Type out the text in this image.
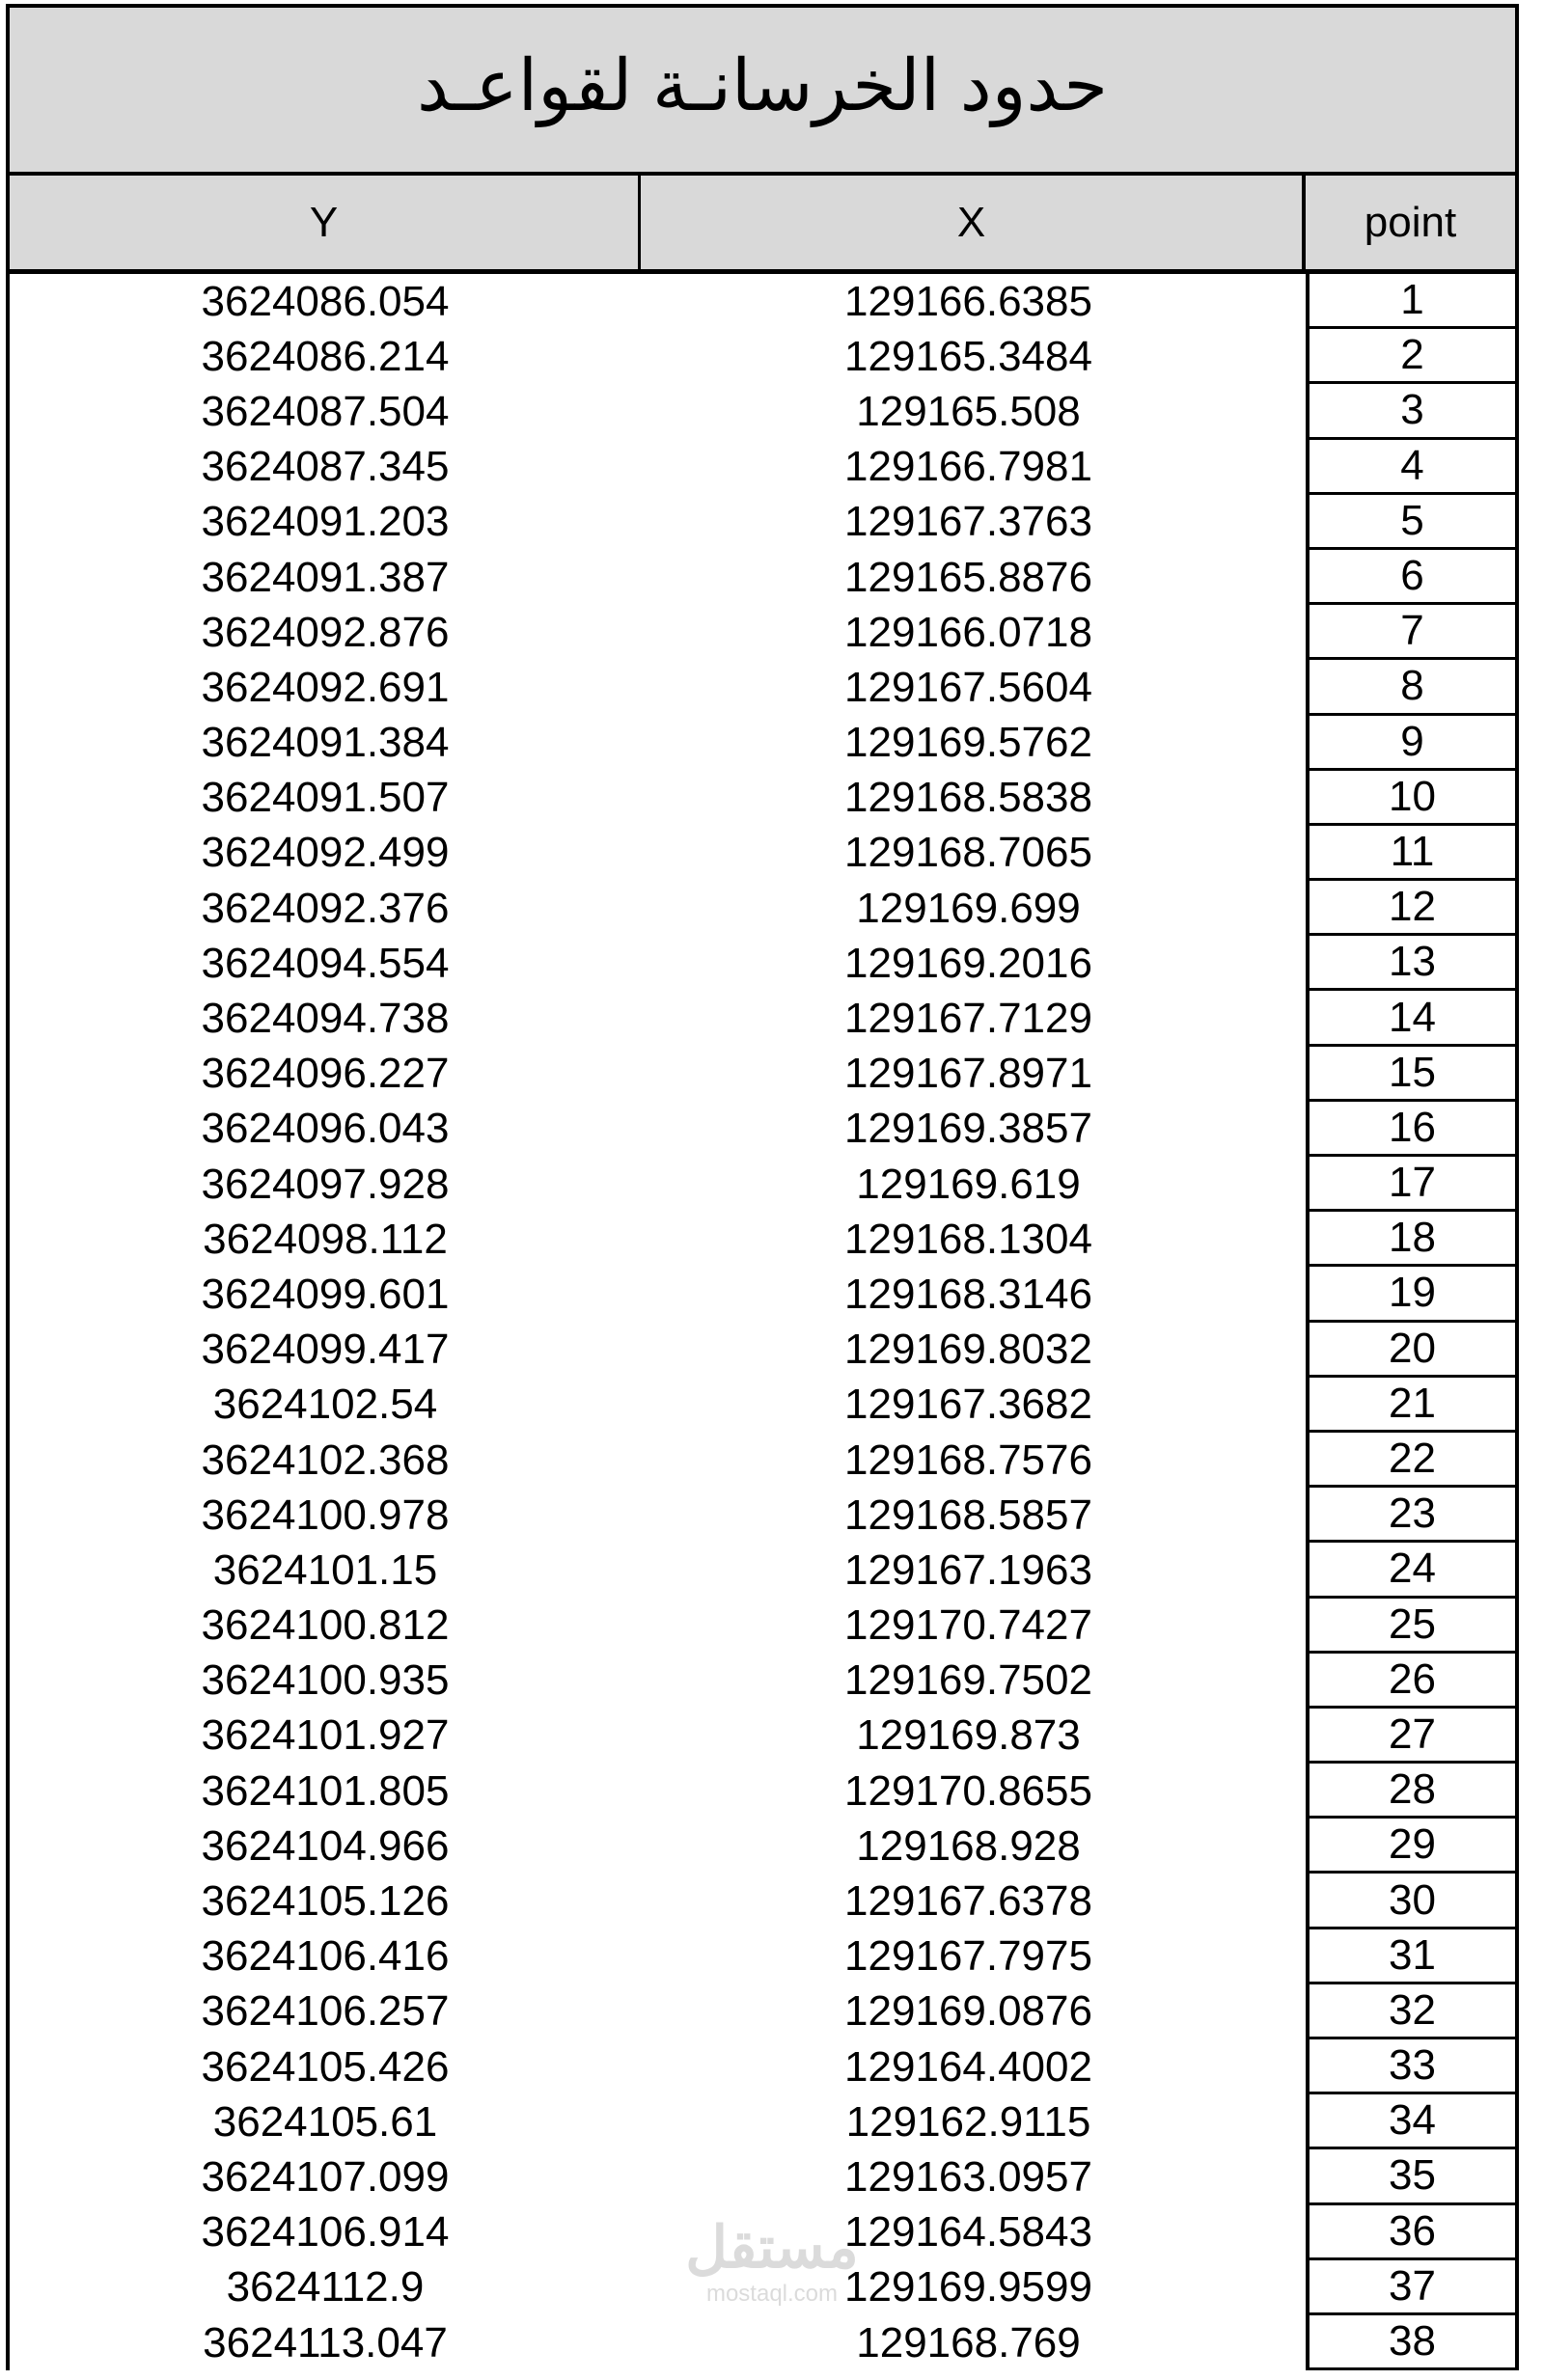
حدود الخرسانـة لقواعـد
Y	X	point
3624086.054	129166.6385	1
3624086.214	129165.3484	2
3624087.504	129165.508	3
3624087.345	129166.7981	4
3624091.203	129167.3763	5
3624091.387	129165.8876	6
3624092.876	129166.0718	7
3624092.691	129167.5604	8
3624091.384	129169.5762	9
3624091.507	129168.5838	10
3624092.499	129168.7065	11
3624092.376	129169.699	12
3624094.554	129169.2016	13
3624094.738	129167.7129	14
3624096.227	129167.8971	15
3624096.043	129169.3857	16
3624097.928	129169.619	17
3624098.112	129168.1304	18
3624099.601	129168.3146	19
3624099.417	129169.8032	20
3624102.54	129167.3682	21
3624102.368	129168.7576	22
3624100.978	129168.5857	23
3624101.15	129167.1963	24
3624100.812	129170.7427	25
3624100.935	129169.7502	26
3624101.927	129169.873	27
3624101.805	129170.8655	28
3624104.966	129168.928	29
3624105.126	129167.6378	30
3624106.416	129167.7975	31
3624106.257	129169.0876	32
3624105.426	129164.4002	33
3624105.61	129162.9115	34
3624107.099	129163.0957	35
3624106.914	129164.5843	36
3624112.9	129169.9599	37
3624113.047	129168.769	38
مستقل
mostaql.com
